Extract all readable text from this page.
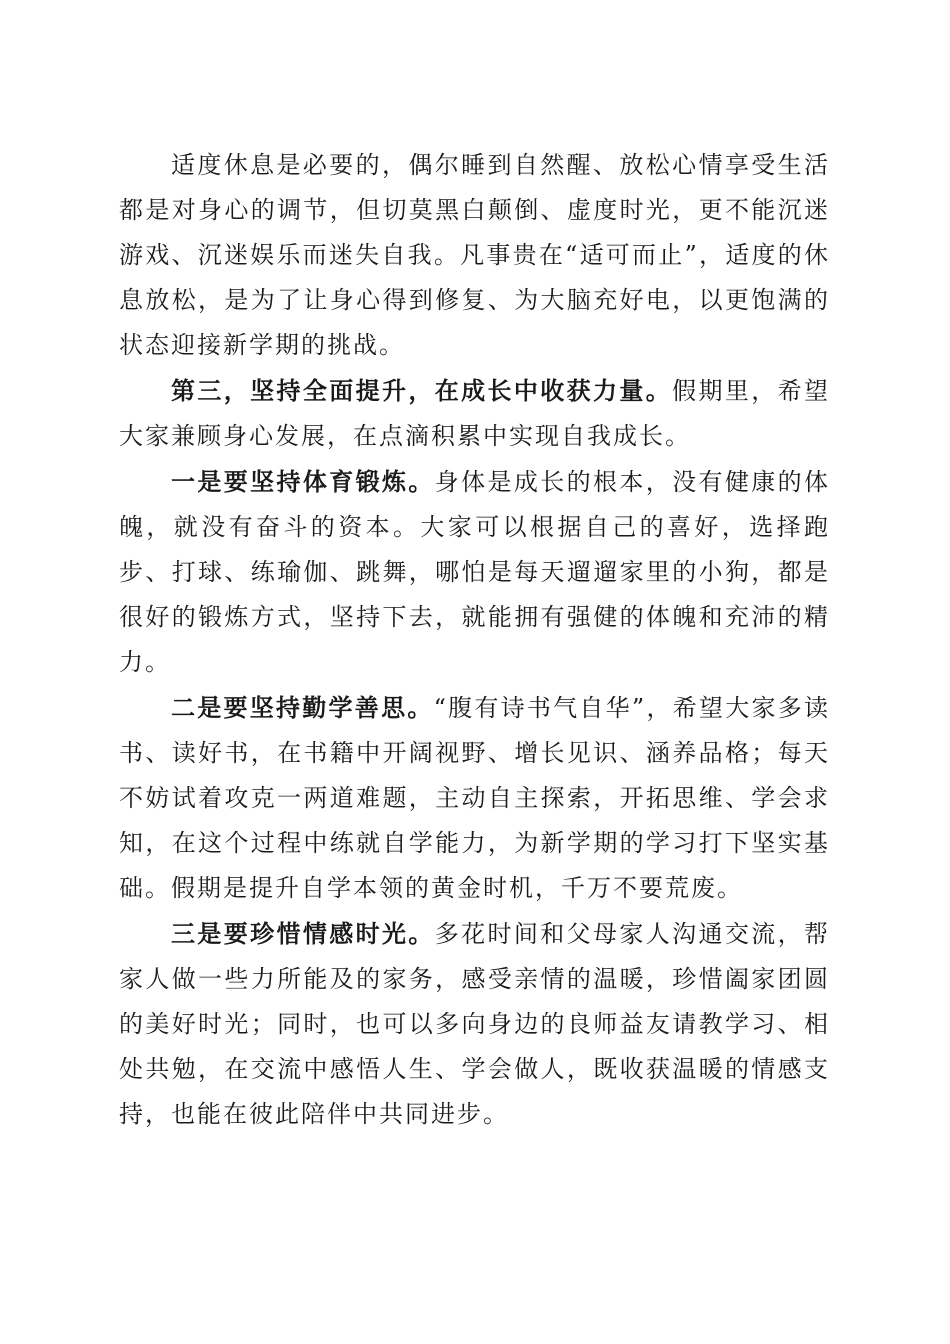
适度休息是必要的，偶尔睡到自然醒、放松心情享受生活都是对身心的调节，但切莫黑白颠倒、虚度时光，更不能沉迷游戏、沉迷娱乐而迷失自我。凡事贵在“适可而止”，适度的休息放松，是为了让身心得到修复、为大脑充好电，以更饱满的状态迎接新学期的挑战。

第三，坚持全面提升，在成长中收获力量。假期里，希望大家兼顾身心发展，在点滴积累中实现自我成长。

一是要坚持体育锻炼。身体是成长的根本，没有健康的体魄，就没有奋斗的资本。大家可以根据自己的喜好，选择跑步、打球、练瑜伽、跳舞，哪怕是每天遛遛家里的小狗，都是很好的锻炼方式，坚持下去，就能拥有强健的体魄和充沛的精力。

二是要坚持勤学善思。“腹有诗书气自华”，希望大家多读书、读好书，在书籍中开阔视野、增长见识、涵养品格；每天不妨试着攻克一两道难题，主动自主探索，开拓思维、学会求知，在这个过程中练就自学能力，为新学期的学习打下坚实基础。假期是提升自学本领的黄金时机，千万不要荒废。

三是要珍惜情感时光。多花时间和父母家人沟通交流，帮家人做一些力所能及的家务，感受亲情的温暖，珍惜阖家团圆的美好时光；同时，也可以多向身边的良师益友请教学习、相处共勉，在交流中感悟人生、学会做人，既收获温暖的情感支持，也能在彼此陪伴中共同进步。
